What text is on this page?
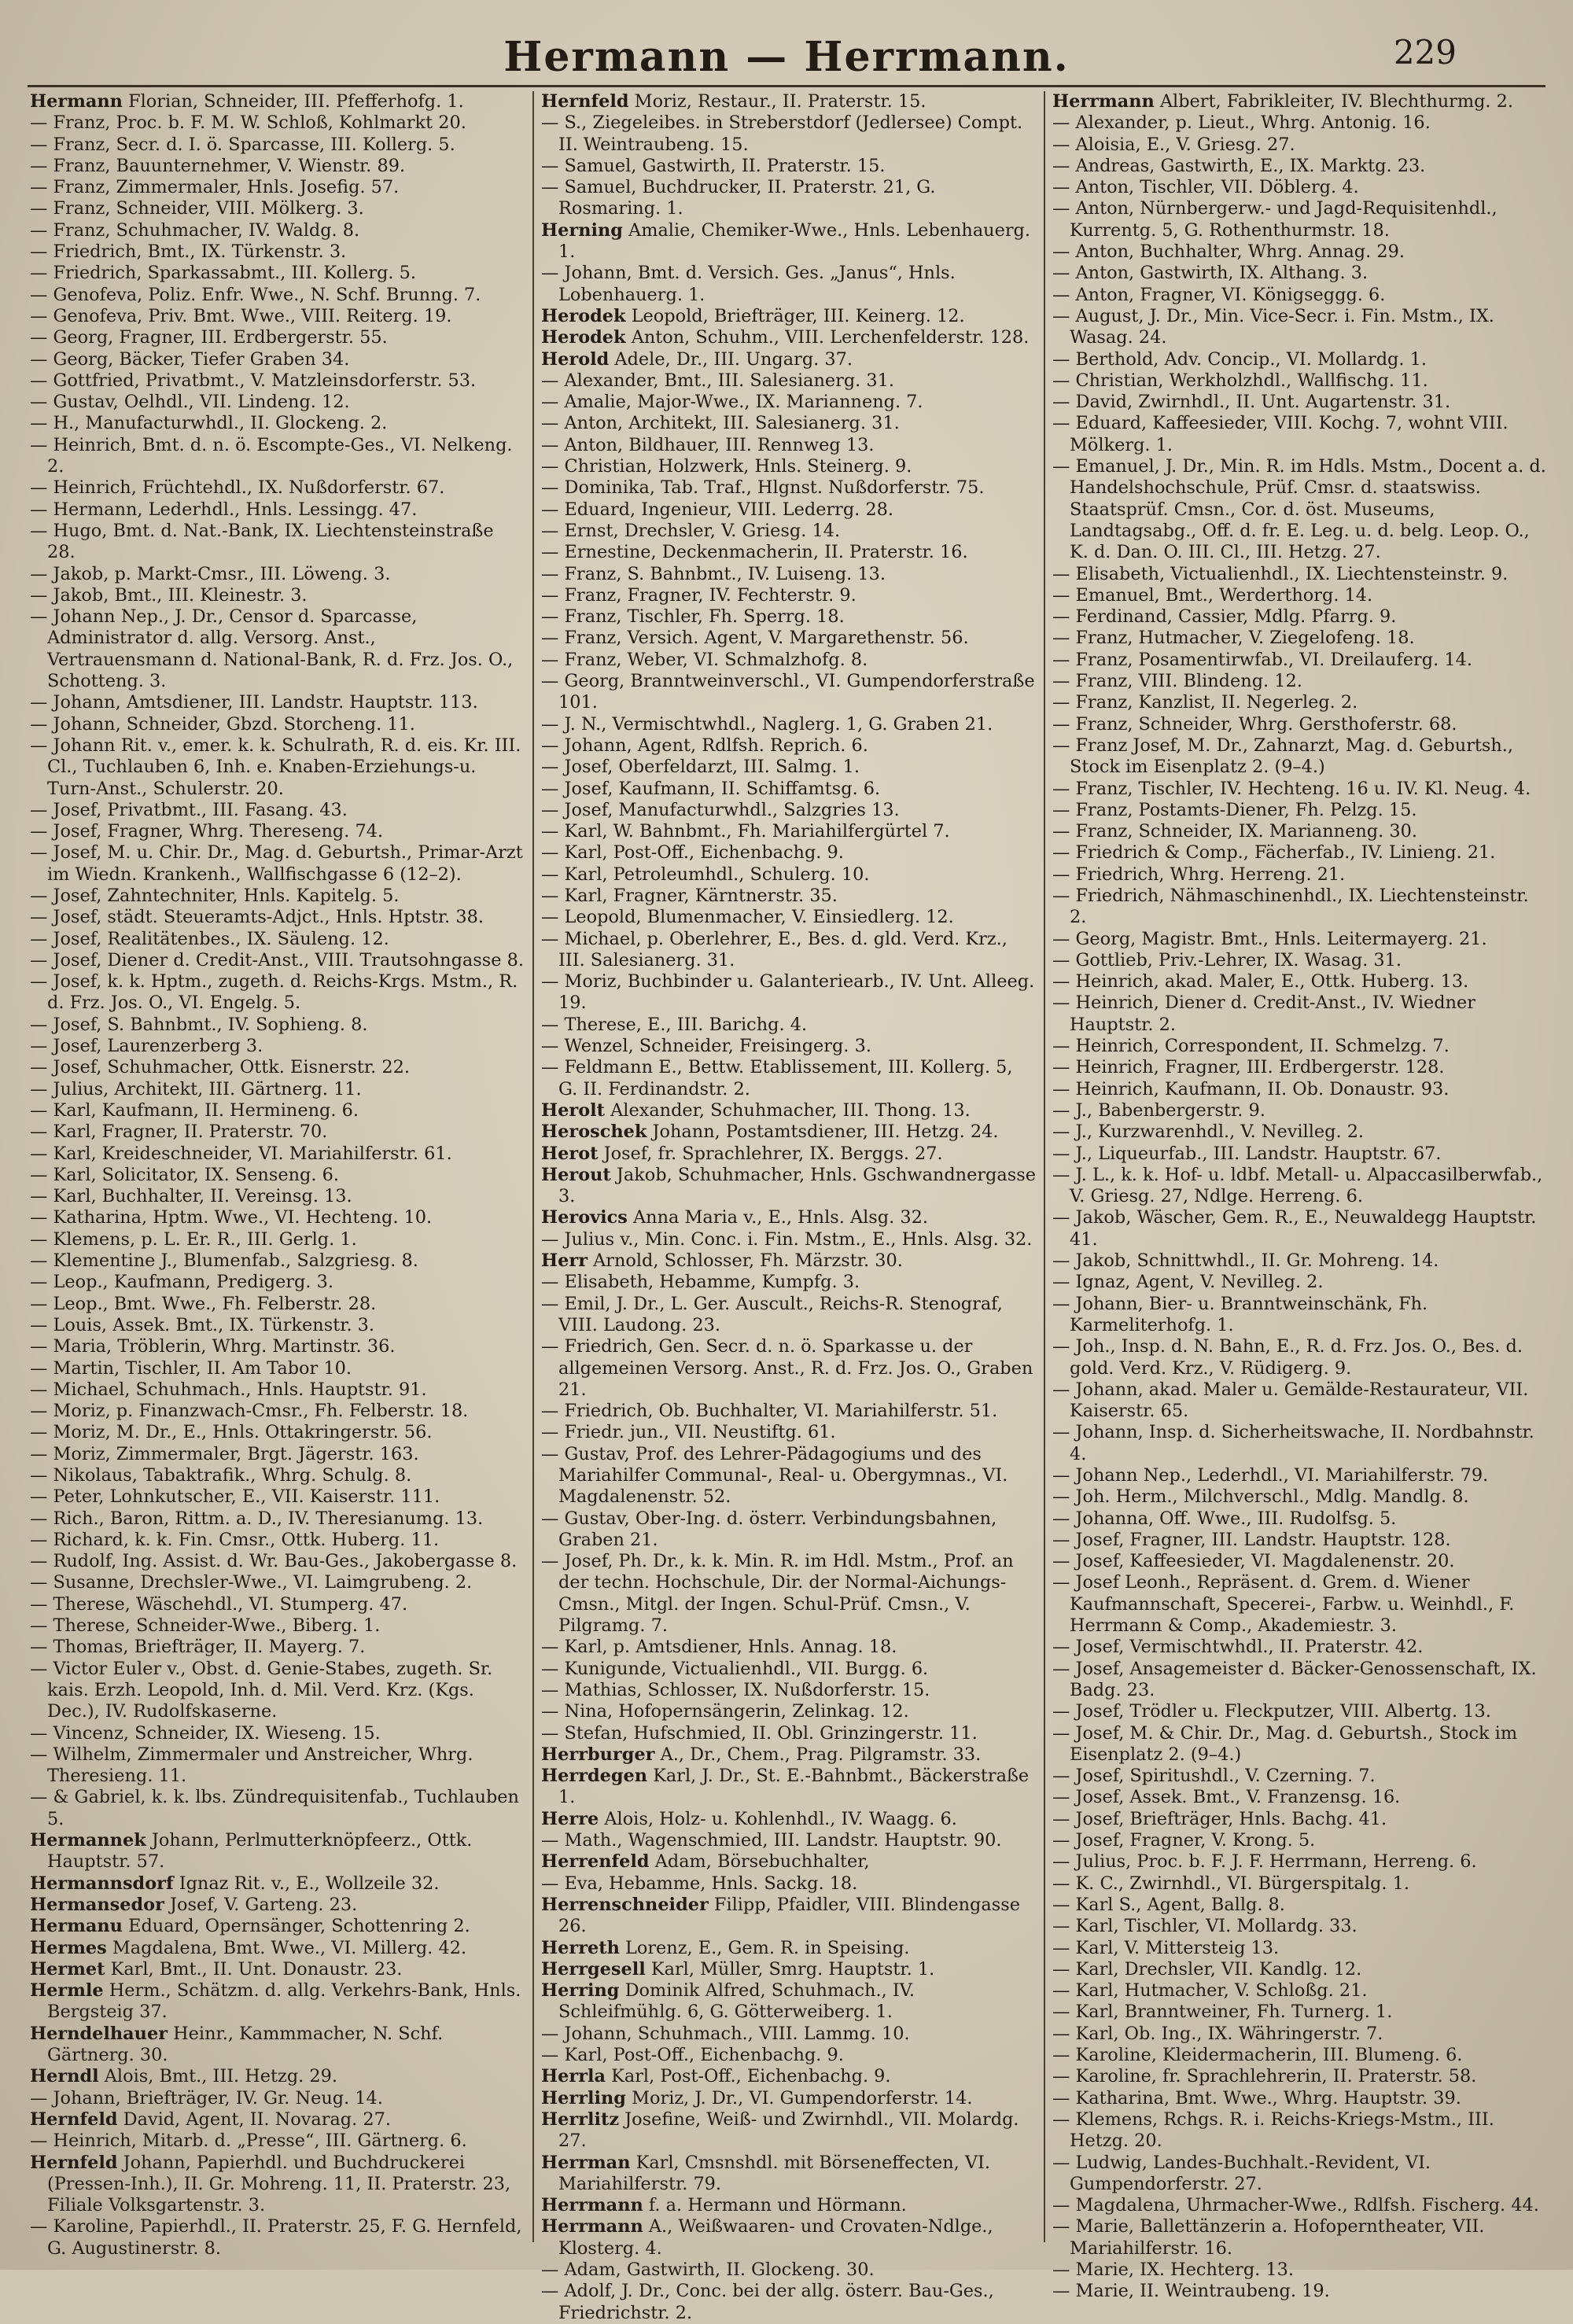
Hermann — Herrmann.	229

Hermann Florian, Schneider, III. Pfefferhofg. 1.

— Franz, Proc. b. F. M. W. Schloß, Kohlmarkt 20.

— Franz, Secr. d. I. ö. Sparcasse, III. Kollerg. 5.

— Franz, Bauunternehmer, V. Wienstr. 89.

— Franz, Zimmermaler, Hnls. Josefig. 57.

— Franz, Schneider, VIII. Mölkerg. 3.

— Franz, Schuhmacher, IV. Waldg. 8.

— Friedrich, Bmt., IX. Türkenstr. 3.

— Friedrich, Sparkassabmt., III. Kollerg. 5.

— Genofeva, Poliz. Enfr. Wwe., N. Schf. Brunng. 7.

— Genofeva, Priv. Bmt. Wwe., VIII. Reiterg. 19.

— Georg, Fragner, III. Erdbergerstr. 55.

— Georg, Bäcker, Tiefer Graben 34.

— Gottfried, Privatbmt., V. Matzleinsdorferstr. 53.

— Gustav, Oelhdl., VII. Lindeng. 12.

— H., Manufacturwhdl., II. Glockeng. 2.

— Heinrich, Bmt. d. n. ö. Escompte-Ges., VI. Nelkeng. 2.

— Heinrich, Früchtehdl., IX. Nußdorferstr. 67.

— Hermann, Lederhdl., Hnls. Lessingg. 47.

— Hugo, Bmt. d. Nat.-Bank, IX. Liechtensteinstraße 28.

— Jakob, p. Markt-Cmsr., III. Löweng. 3.

— Jakob, Bmt., III. Kleinestr. 3.

— Johann Nep., J. Dr., Censor d. Sparcasse, Administrator d. allg. Versorg. Anst., Vertrauensmann d. National-Bank, R. d. Frz. Jos. O., Schotteng. 3.

— Johann, Amtsdiener, III. Landstr. Hauptstr. 113.

— Johann, Schneider, Gbzd. Storcheng. 11.

— Johann Rit. v., emer. k. k. Schulrath, R. d. eis. Kr. III. Cl., Tuchlauben 6, Inh. e. Knaben-Erziehungs-u. Turn-Anst., Schulerstr. 20.

— Josef, Privatbmt., III. Fasang. 43.

— Josef, Fragner, Whrg. Thereseng. 74.

— Josef, M. u. Chir. Dr., Mag. d. Geburtsh., Primar-Arzt im Wiedn. Krankenh., Wallfischgasse 6 (12–2).

— Josef, Zahntechniter, Hnls. Kapitelg. 5.

— Josef, städt. Steueramts-Adjct., Hnls. Hptstr. 38.

— Josef, Realitätenbes., IX. Säuleng. 12.

— Josef, Diener d. Credit-Anst., VIII. Trautsohngasse 8.

— Josef, k. k. Hptm., zugeth. d. Reichs-Krgs. Mstm., R. d. Frz. Jos. O., VI. Engelg. 5.

— Josef, S. Bahnbmt., IV. Sophieng. 8.

— Josef, Laurenzerberg 3.

— Josef, Schuhmacher, Ottk. Eisnerstr. 22.

— Julius, Architekt, III. Gärtnerg. 11.

— Karl, Kaufmann, II. Hermineng. 6.

— Karl, Fragner, II. Praterstr. 70.

— Karl, Kreideschneider, VI. Mariahilferstr. 61.

— Karl, Solicitator, IX. Senseng. 6.

— Karl, Buchhalter, II. Vereinsg. 13.

— Katharina, Hptm. Wwe., VI. Hechteng. 10.

— Klemens, p. L. Er. R., III. Gerlg. 1.

— Klementine J., Blumenfab., Salzgriesg. 8.

— Leop., Kaufmann, Predigerg. 3.

— Leop., Bmt. Wwe., Fh. Felberstr. 28.

— Louis, Assek. Bmt., IX. Türkenstr. 3.

— Maria, Tröblerin, Whrg. Martinstr. 36.

— Martin, Tischler, II. Am Tabor 10.

— Michael, Schuhmach., Hnls. Hauptstr. 91.

— Moriz, p. Finanzwach-Cmsr., Fh. Felberstr. 18.

— Moriz, M. Dr., E., Hnls. Ottakringerstr. 56.

— Moriz, Zimmermaler, Brgt. Jägerstr. 163.

— Nikolaus, Tabaktrafik., Whrg. Schulg. 8.

— Peter, Lohnkutscher, E., VII. Kaiserstr. 111.

— Rich., Baron, Rittm. a. D., IV. Theresianumg. 13.

— Richard, k. k. Fin. Cmsr., Ottk. Huberg. 11.

— Rudolf, Ing. Assist. d. Wr. Bau-Ges., Jakobergasse 8.

— Susanne, Drechsler-Wwe., VI. Laimgrubeng. 2.

— Therese, Wäschehdl., VI. Stumperg. 47.

— Therese, Schneider-Wwe., Biberg. 1.

— Thomas, Briefträger, II. Mayerg. 7.

— Victor Euler v., Obst. d. Genie-Stabes, zugeth. Sr. kais. Erzh. Leopold, Inh. d. Mil. Verd. Krz. (Kgs. Dec.), IV. Rudolfskaserne.

— Vincenz, Schneider, IX. Wieseng. 15.

— Wilhelm, Zimmermaler und Anstreicher, Whrg. Theresieng. 11.

— & Gabriel, k. k. lbs. Zündrequisitenfab., Tuchlauben 5.

Hermannek Johann, Perlmutterknöpfeerz., Ottk. Hauptstr. 57.

Hermannsdorf Ignaz Rit. v., E., Wollzeile 32.

Hermansedor Josef, V. Garteng. 23.

Hermanu Eduard, Opernsänger, Schottenring 2.

Hermes Magdalena, Bmt. Wwe., VI. Millerg. 42.

Hermet Karl, Bmt., II. Unt. Donaustr. 23.

Hermle Herm., Schätzm. d. allg. Verkehrs-Bank, Hnls. Bergsteig 37.

Herndelhauer Heinr., Kammmacher, N. Schf. Gärtnerg. 30.

Herndl Alois, Bmt., III. Hetzg. 29.

— Johann, Briefträger, IV. Gr. Neug. 14.

Hernfeld David, Agent, II. Novarag. 27.

— Heinrich, Mitarb. d. „Presse“, III. Gärtnerg. 6.

Hernfeld Johann, Papierhdl. und Buchdruckerei (Pressen-Inh.), II. Gr. Mohreng. 11, II. Praterstr. 23, Filiale Volksgartenstr. 3.

— Karoline, Papierhdl., II. Praterstr. 25, F. G. Hernfeld, G. Augustinerstr. 8.

Hernfeld Moriz, Restaur., II. Praterstr. 15.

— S., Ziegeleibes. in Streberstdorf (Jedlersee) Compt. II. Weintraubeng. 15.

— Samuel, Gastwirth, II. Praterstr. 15.

— Samuel, Buchdrucker, II. Praterstr. 21, G. Rosmaring. 1.

Herning Amalie, Chemiker-Wwe., Hnls. Lebenhauerg. 1.

— Johann, Bmt. d. Versich. Ges. „Janus“, Hnls. Lobenhauerg. 1.

Herodek Leopold, Briefträger, III. Keinerg. 12.

Herodek Anton, Schuhm., VIII. Lerchenfelderstr. 128.

Herold Adele, Dr., III. Ungarg. 37.

— Alexander, Bmt., III. Salesianerg. 31.

— Amalie, Major-Wwe., IX. Marianneng. 7.

— Anton, Architekt, III. Salesianerg. 31.

— Anton, Bildhauer, III. Rennweg 13.

— Christian, Holzwerk, Hnls. Steinerg. 9.

— Dominika, Tab. Traf., Hlgnst. Nußdorferstr. 75.

— Eduard, Ingenieur, VIII. Lederrg. 28.

— Ernst, Drechsler, V. Griesg. 14.

— Ernestine, Deckenmacherin, II. Praterstr. 16.

— Franz, S. Bahnbmt., IV. Luiseng. 13.

— Franz, Fragner, IV. Fechterstr. 9.

— Franz, Tischler, Fh. Sperrg. 18.

— Franz, Versich. Agent, V. Margarethenstr. 56.

— Franz, Weber, VI. Schmalzhofg. 8.

— Georg, Branntweinverschl., VI. Gumpendorferstraße 101.

— J. N., Vermischtwhdl., Naglerg. 1, G. Graben 21.

— Johann, Agent, Rdlfsh. Reprich. 6.

— Josef, Oberfeldarzt, III. Salmg. 1.

— Josef, Kaufmann, II. Schiffamtsg. 6.

— Josef, Manufacturwhdl., Salzgries 13.

— Karl, W. Bahnbmt., Fh. Mariahilfergürtel 7.

— Karl, Post-Off., Eichenbachg. 9.

— Karl, Petroleumhdl., Schulerg. 10.

— Karl, Fragner, Kärntnerstr. 35.

— Leopold, Blumenmacher, V. Einsiedlerg. 12.

— Michael, p. Oberlehrer, E., Bes. d. gld. Verd. Krz., III. Salesianerg. 31.

— Moriz, Buchbinder u. Galanteriearb., IV. Unt. Alleeg. 19.

— Therese, E., III. Barichg. 4.

— Wenzel, Schneider, Freisingerg. 3.

— Feldmann E., Bettw. Etablissement, III. Kollerg. 5, G. II. Ferdinandstr. 2.

Herolt Alexander, Schuhmacher, III. Thong. 13.

Heroschek Johann, Postamtsdiener, III. Hetzg. 24.

Herot Josef, fr. Sprachlehrer, IX. Berggs. 27.

Herout Jakob, Schuhmacher, Hnls. Gschwandnergasse 3.

Herovics Anna Maria v., E., Hnls. Alsg. 32.

— Julius v., Min. Conc. i. Fin. Mstm., E., Hnls. Alsg. 32.

Herr Arnold, Schlosser, Fh. Märzstr. 30.

— Elisabeth, Hebamme, Kumpfg. 3.

— Emil, J. Dr., L. Ger. Auscult., Reichs-R. Stenograf, VIII. Laudong. 23.

— Friedrich, Gen. Secr. d. n. ö. Sparkasse u. der allgemeinen Versorg. Anst., R. d. Frz. Jos. O., Graben 21.

— Friedrich, Ob. Buchhalter, VI. Mariahilferstr. 51.

— Friedr. jun., VII. Neustiftg. 61.

— Gustav, Prof. des Lehrer-Pädagogiums und des Mariahilfer Communal-, Real- u. Obergymnas., VI. Magdalenenstr. 52.

— Gustav, Ober-Ing. d. österr. Verbindungsbahnen, Graben 21.

— Josef, Ph. Dr., k. k. Min. R. im Hdl. Mstm., Prof. an der techn. Hochschule, Dir. der Normal-Aichungs-Cmsn., Mitgl. der Ingen. Schul-Prüf. Cmsn., V. Pilgramg. 7.

— Karl, p. Amtsdiener, Hnls. Annag. 18.

— Kunigunde, Victualienhdl., VII. Burgg. 6.

— Mathias, Schlosser, IX. Nußdorferstr. 15.

— Nina, Hofopernsängerin, Zelinkag. 12.

— Stefan, Hufschmied, II. Obl. Grinzingerstr. 11.

Herrburger A., Dr., Chem., Prag. Pilgramstr. 33.

Herrdegen Karl, J. Dr., St. E.-Bahnbmt., Bäckerstraße 1.

Herre Alois, Holz- u. Kohlenhdl., IV. Waagg. 6.

— Math., Wagenschmied, III. Landstr. Hauptstr. 90.

Herrenfeld Adam, Börsebuchhalter,

— Eva, Hebamme, Hnls. Sackg. 18.

Herrenschneider Filipp, Pfaidler, VIII. Blindengasse 26.

Herreth Lorenz, E., Gem. R. in Speising.

Herrgesell Karl, Müller, Smrg. Hauptstr. 1.

Herring Dominik Alfred, Schuhmach., IV. Schleifmühlg. 6, G. Götterweiberg. 1.

— Johann, Schuhmach., VIII. Lammg. 10.

— Karl, Post-Off., Eichenbachg. 9.

Herrla Karl, Post-Off., Eichenbachg. 9.

Herrling Moriz, J. Dr., VI. Gumpendorferstr. 14.

Herrlitz Josefine, Weiß- und Zwirnhdl., VII. Molardg. 27.

Herrman Karl, Cmsnshdl. mit Börseneffecten, VI. Mariahilferstr. 79.

Herrmann f. a. Hermann und Hörmann.

Herrmann A., Weißwaaren- und Crovaten-Ndlge., Klosterg. 4.

— Adam, Gastwirth, II. Glockeng. 30.

— Adolf, J. Dr., Conc. bei der allg. österr. Bau-Ges., Friedrichstr. 2.

Herrmann Albert, Fabrikleiter, IV. Blechthurmg. 2.

— Alexander, p. Lieut., Whrg. Antonig. 16.

— Aloisia, E., V. Griesg. 27.

— Andreas, Gastwirth, E., IX. Marktg. 23.

— Anton, Tischler, VII. Döblerg. 4.

— Anton, Nürnbergerw.- und Jagd-Requisitenhdl., Kurrentg. 5, G. Rothenthurmstr. 18.

— Anton, Buchhalter, Whrg. Annag. 29.

— Anton, Gastwirth, IX. Althang. 3.

— Anton, Fragner, VI. Königseggg. 6.

— August, J. Dr., Min. Vice-Secr. i. Fin. Mstm., IX. Wasag. 24.

— Berthold, Adv. Concip., VI. Mollardg. 1.

— Christian, Werkholzhdl., Wallfischg. 11.

— David, Zwirnhdl., II. Unt. Augartenstr. 31.

— Eduard, Kaffeesieder, VIII. Kochg. 7, wohnt VIII. Mölkerg. 1.

— Emanuel, J. Dr., Min. R. im Hdls. Mstm., Docent a. d. Handelshochschule, Prüf. Cmsr. d. staatswiss. Staatsprüf. Cmsn., Cor. d. öst. Museums, Landtagsabg., Off. d. fr. E. Leg. u. d. belg. Leop. O., K. d. Dan. O. III. Cl., III. Hetzg. 27.

— Elisabeth, Victualienhdl., IX. Liechtensteinstr. 9.

— Emanuel, Bmt., Werderthorg. 14.

— Ferdinand, Cassier, Mdlg. Pfarrg. 9.

— Franz, Hutmacher, V. Ziegelofeng. 18.

— Franz, Posamentirwfab., VI. Dreilauferg. 14.

— Franz, VIII. Blindeng. 12.

— Franz, Kanzlist, II. Negerleg. 2.

— Franz, Schneider, Whrg. Gersthoferstr. 68.

— Franz Josef, M. Dr., Zahnarzt, Mag. d. Geburtsh., Stock im Eisenplatz 2. (9–4.)

— Franz, Tischler, IV. Hechteng. 16 u. IV. Kl. Neug. 4.

— Franz, Postamts-Diener, Fh. Pelzg. 15.

— Franz, Schneider, IX. Marianneng. 30.

— Friedrich & Comp., Fächerfab., IV. Linieng. 21.

— Friedrich, Whrg. Herreng. 21.

— Friedrich, Nähmaschinenhdl., IX. Liechtensteinstr. 2.

— Georg, Magistr. Bmt., Hnls. Leitermayerg. 21.

— Gottlieb, Priv.-Lehrer, IX. Wasag. 31.

— Heinrich, akad. Maler, E., Ottk. Huberg. 13.

— Heinrich, Diener d. Credit-Anst., IV. Wiedner Hauptstr. 2.

— Heinrich, Correspondent, II. Schmelzg. 7.

— Heinrich, Fragner, III. Erdbergerstr. 128.

— Heinrich, Kaufmann, II. Ob. Donaustr. 93.

— J., Babenbergerstr. 9.

— J., Kurzwarenhdl., V. Nevilleg. 2.

— J., Liqueurfab., III. Landstr. Hauptstr. 67.

— J. L., k. k. Hof- u. ldbf. Metall- u. Alpaccasilberwfab., V. Griesg. 27, Ndlge. Herreng. 6.

— Jakob, Wäscher, Gem. R., E., Neuwaldegg Hauptstr. 41.

— Jakob, Schnittwhdl., II. Gr. Mohreng. 14.

— Ignaz, Agent, V. Nevilleg. 2.

— Johann, Bier- u. Branntweinschänk, Fh. Karmeliterhofg. 1.

— Joh., Insp. d. N. Bahn, E., R. d. Frz. Jos. O., Bes. d. gold. Verd. Krz., V. Rüdigerg. 9.

— Johann, akad. Maler u. Gemälde-Restaurateur, VII. Kaiserstr. 65.

— Johann, Insp. d. Sicherheitswache, II. Nordbahnstr. 4.

— Johann Nep., Lederhdl., VI. Mariahilferstr. 79.

— Joh. Herm., Milchverschl., Mdlg. Mandlg. 8.

— Johanna, Off. Wwe., III. Rudolfsg. 5.

— Josef, Fragner, III. Landstr. Hauptstr. 128.

— Josef, Kaffeesieder, VI. Magdalenenstr. 20.

— Josef Leonh., Repräsent. d. Grem. d. Wiener Kaufmannschaft, Specerei-, Farbw. u. Weinhdl., F. Herrmann & Comp., Akademiestr. 3.

— Josef, Vermischtwhdl., II. Praterstr. 42.

— Josef, Ansagemeister d. Bäcker-Genossenschaft, IX. Badg. 23.

— Josef, Trödler u. Fleckputzer, VIII. Albertg. 13.

— Josef, M. & Chir. Dr., Mag. d. Geburtsh., Stock im Eisenplatz 2. (9–4.)

— Josef, Spiritushdl., V. Czerning. 7.

— Josef, Assek. Bmt., V. Franzensg. 16.

— Josef, Briefträger, Hnls. Bachg. 41.

— Josef, Fragner, V. Krong. 5.

— Julius, Proc. b. F. J. F. Herrmann, Herreng. 6.

— K. C., Zwirnhdl., VI. Bürgerspitalg. 1.

— Karl S., Agent, Ballg. 8.

— Karl, Tischler, VI. Mollardg. 33.

— Karl, V. Mittersteig 13.

— Karl, Drechsler, VII. Kandlg. 12.

— Karl, Hutmacher, V. Schloßg. 21.

— Karl, Branntweiner, Fh. Turnerg. 1.

— Karl, Ob. Ing., IX. Währingerstr. 7.

— Karoline, Kleidermacherin, III. Blumeng. 6.

— Karoline, fr. Sprachlehrerin, II. Praterstr. 58.

— Katharina, Bmt. Wwe., Whrg. Hauptstr. 39.

— Klemens, Rchgs. R. i. Reichs-Kriegs-Mstm., III. Hetzg. 20.

— Ludwig, Landes-Buchhalt.-Revident, VI. Gumpendorferstr. 27.

— Magdalena, Uhrmacher-Wwe., Rdlfsh. Fischerg. 44.

— Marie, Ballettänzerin a. Hofoperntheater, VII. Mariahilferstr. 16.

— Marie, IX. Hechterg. 13.

— Marie, II. Weintraubeng. 19.
